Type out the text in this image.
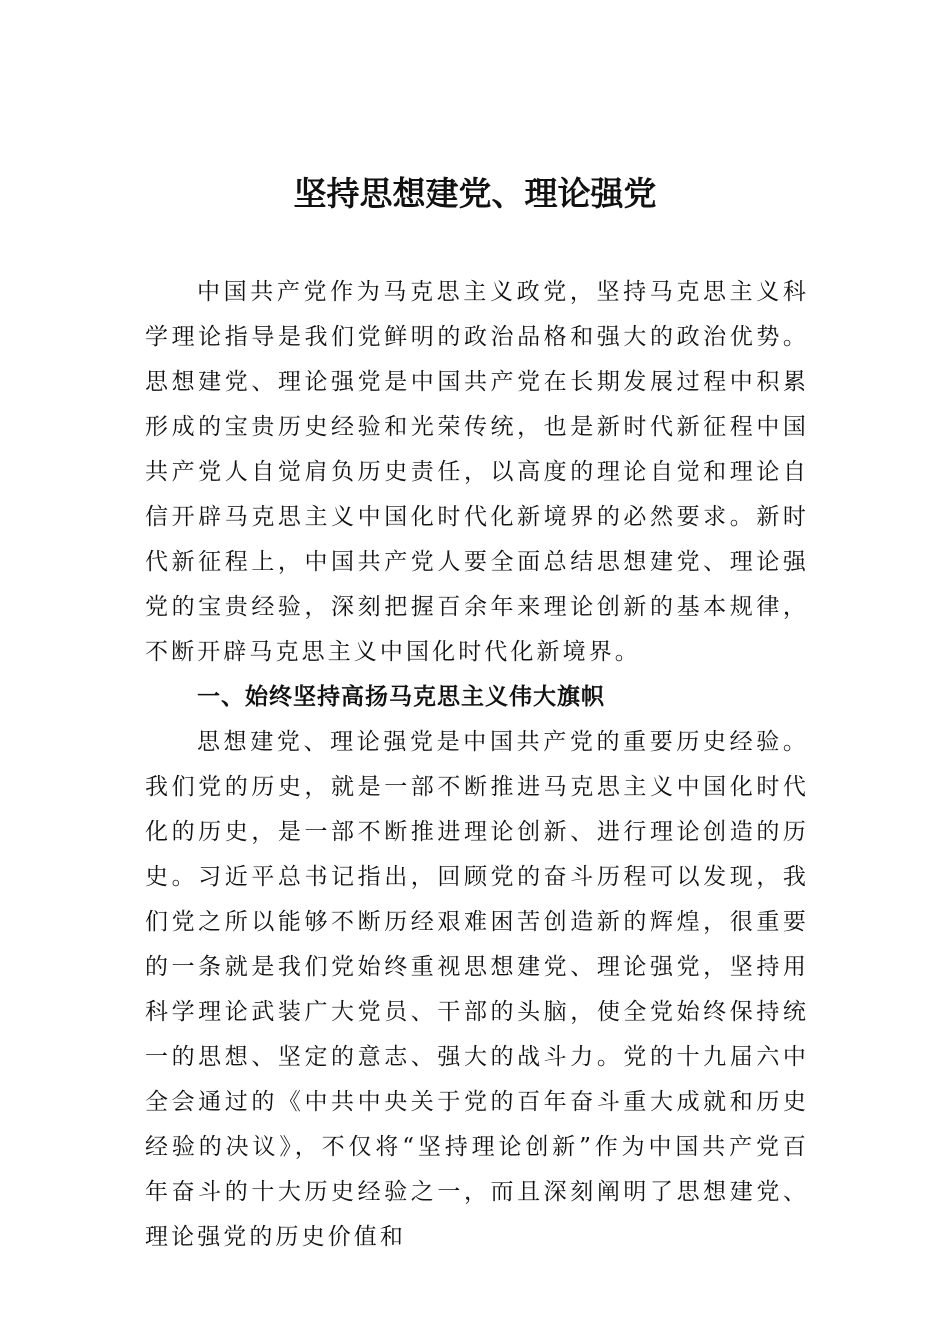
坚持思想建党、理论强党

中国共产党作为马克思主义政党，坚持马克思主义科学理论指导是我们党鲜明的政治品格和强大的政治优势。思想建党、理论强党是中国共产党在长期发展过程中积累形成的宝贵历史经验和光荣传统，也是新时代新征程中国共产党人自觉肩负历史责任，以高度的理论自觉和理论自信开辟马克思主义中国化时代化新境界的必然要求。新时代新征程上，中国共产党人要全面总结思想建党、理论强党的宝贵经验，深刻把握百余年来理论创新的基本规律，不断开辟马克思主义中国化时代化新境界。

一、始终坚持高扬马克思主义伟大旗帜

思想建党、理论强党是中国共产党的重要历史经验。我们党的历史，就是一部不断推进马克思主义中国化时代化的历史，是一部不断推进理论创新、进行理论创造的历史。习近平总书记指出，回顾党的奋斗历程可以发现，我们党之所以能够不断历经艰难困苦创造新的辉煌，很重要的一条就是我们党始终重视思想建党、理论强党，坚持用科学理论武装广大党员、干部的头脑，使全党始终保持统一的思想、坚定的意志、强大的战斗力。党的十九届六中全会通过的《中共中央关于党的百年奋斗重大成就和历史经验的决议》，不仅将“坚持理论创新”作为中国共产党百年奋斗的十大历史经验之一，而且深刻阐明了思想建党、理论强党的历史价值和
